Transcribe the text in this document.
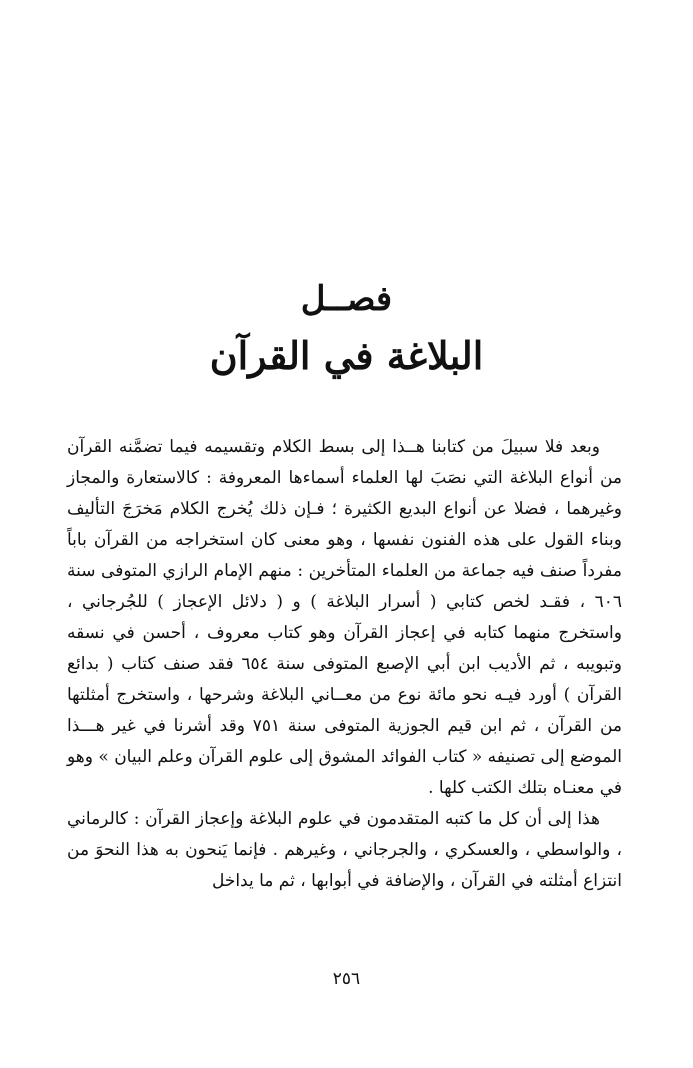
فصــل
البلاغة في القرآن

وبعد فلا سبيلَ من كتابنا هــذا إلى بسط الكلام وتقسيمه فيما تضمَّنه القرآن من أنواع البلاغة التي نصَبَ لها العلماء أسماءها المعروفة : كالاستعارة والمجاز وغيرهما ، فضلا عن أنواع البديع الكثيرة ؛ فـإن ذلك يُخرج الكلام مَخرَجَ التأليف وبناء القول على هذه الفنون نفسها ، وهو معنى كان استخراجه من القرآن باباً مفرداً صنف فيه جماعة من العلماء المتأخرين : منهم الإمام الرازي المتوفى سنة ٦٠٦ ، فقـد لخص كتابي ( أسرار البلاغة ) و ( دلائل الإعجاز ) للجُرجاني ، واستخرج منهما كتابه في إعجاز القرآن وهو كتاب معروف ، أحسن في نسقه وتبويبه ، ثم الأديب ابن أبي الإصبع المتوفى سنة ٦٥٤ فقد صنف كتاب ( بدائع القرآن ) أورد فيـه نحو مائة نوع من معــاني البلاغة وشرحها ، واستخرج أمثلتها من القرآن ، ثم ابن قيم الجوزية المتوفى سنة ٧٥١ وقد أشرنا في غير هـــذا الموضع إلى تصنيفه « كتاب الفوائد المشوق إلى علوم القرآن وعلم البيان » وهو في معنـاه بتلك الكتب كلها .

هذا إلى أن كل ما كتبه المتقدمون في علوم البلاغة وإعجاز القرآن : كالرماني ، والواسطي ، والعسكري ، والجرجاني ، وغيرهم . فإنما يَنحون به هذا النحوَ من انتزاع أمثلته في القرآن ، والإضافة في أبوابها ، ثم ما يداخل

٢٥٦
